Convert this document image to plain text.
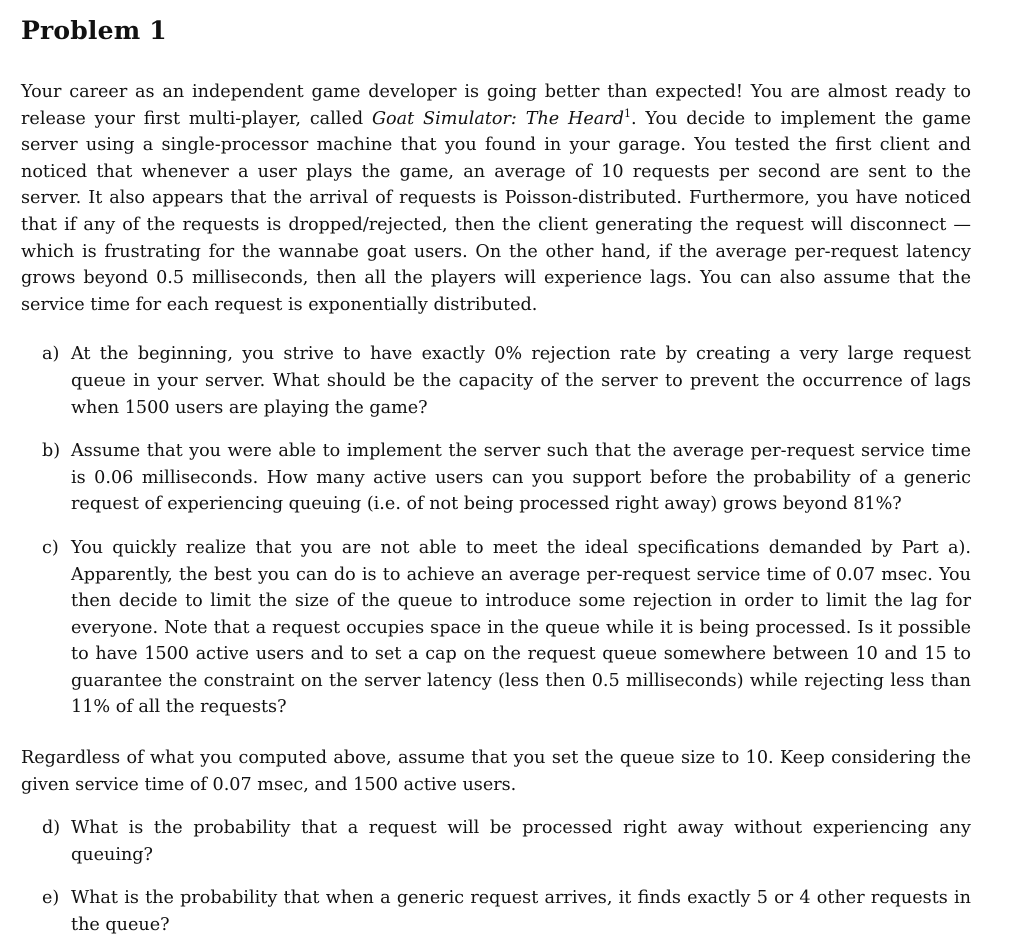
Problem 1

Your career as an independent game developer is going better than expected! You are almost ready to release your first multi-player, called Goat Simulator: The Heard$^1$. You decide to implement the game server using a single-processor machine that you found in your garage. You tested the first client and noticed that whenever a user plays the game, an average of 10 requests per second are sent to the server. It also appears that the arrival of requests is Poisson-distributed. Furthermore, you have noticed that if any of the requests is dropped/rejected, then the client generating the request will disconnect — which is frustrating for the wannabe goat users. On the other hand, if the average per-request latency grows beyond 0.5 milliseconds, then all the players will experience lags. You can also assume that the service time for each request is exponentially distributed.

a) At the beginning, you strive to have exactly 0% rejection rate by creating a very large request queue in your server. What should be the capacity of the server to prevent the occurrence of lags when 1500 users are playing the game?
b) Assume that you were able to implement the server such that the average per-request service time is 0.06 milliseconds. How many active users can you support before the probability of a generic request of experiencing queuing (i.e. of not being processed right away) grows beyond 81%?
c) You quickly realize that you are not able to meet the ideal specifications demanded by Part a). Apparently, the best you can do is to achieve an average per-request service time of 0.07 msec. You then decide to limit the size of the queue to introduce some rejection in order to limit the lag for everyone. Note that a request occupies space in the queue while it is being processed. Is it possible to have 1500 active users and to set a cap on the request queue somewhere between 10 and 15 to guarantee the constraint on the server latency (less then 0.5 milliseconds) while rejecting less than 11% of all the requests?

Regardless of what you computed above, assume that you set the queue size to 10. Keep considering the given service time of 0.07 msec, and 1500 active users.

d) What is the probability that a request will be processed right away without experiencing any queuing?
e) What is the probability that when a generic request arrives, it finds exactly 5 or 4 other requests in the queue?
